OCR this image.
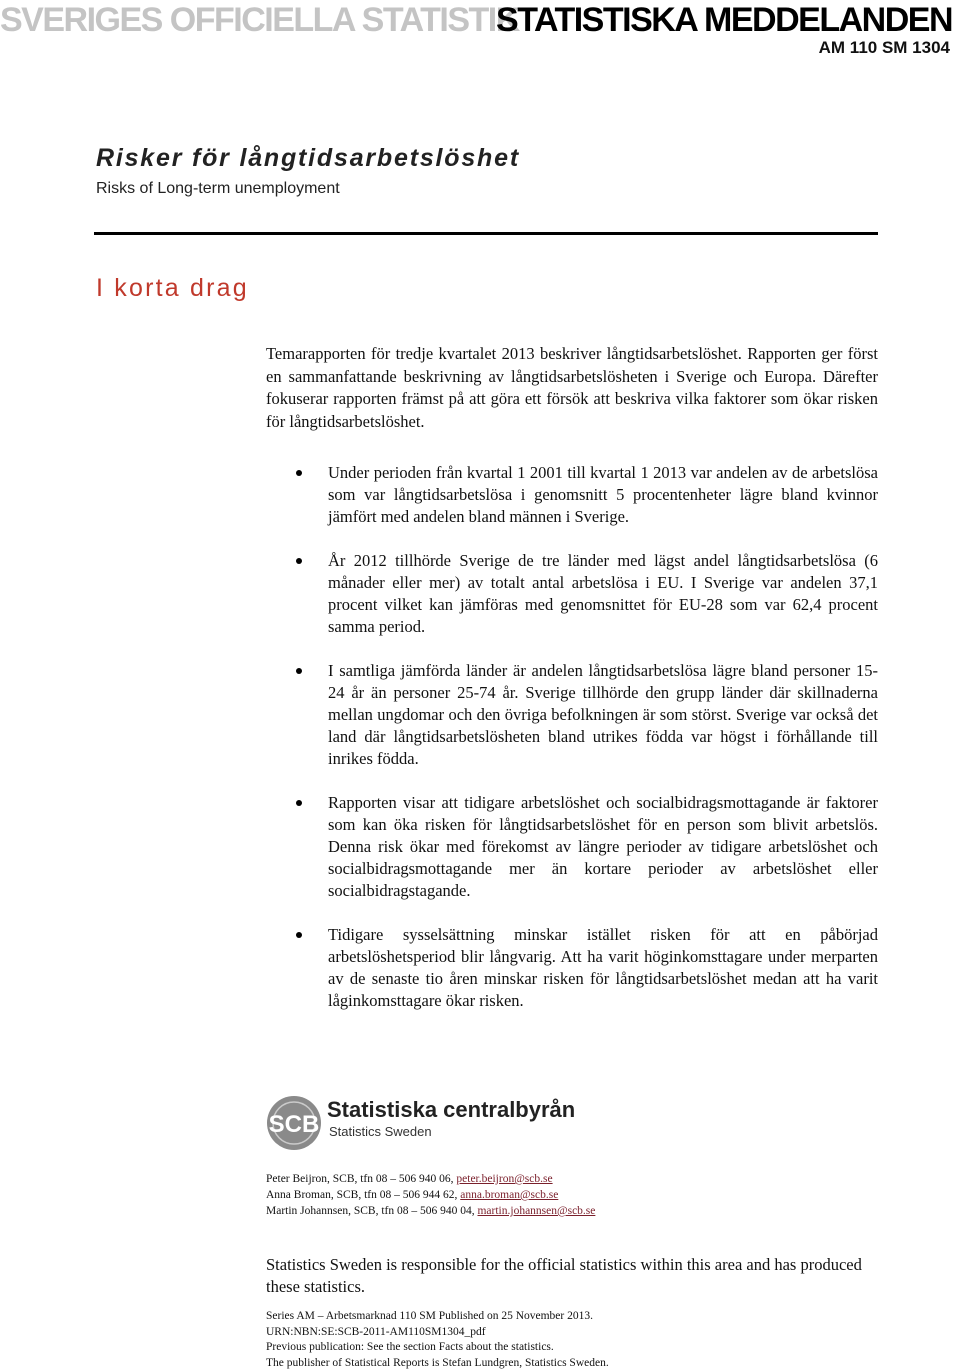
SVERIGES OFFICIELLA STATISTIK
STATISTISKA MEDDELANDEN
AM 110 SM 1304
Risker för långtidsarbetslöshet
Risks of Long-term unemployment
I korta drag

Temarapporten för tredje kvartalet 2013 beskriver långtidsarbetslöshet. Rapporten ger först en sammanfattande beskrivning av långtidsarbetslösheten i Sverige och Europa. Därefter fokuserar rapporten främst på att göra ett försök att beskriva vilka faktorer som ökar risken för långtidsarbetslöshet.

Under perioden från kvartal 1 2001 till kvartal 1 2013 var andelen av de arbetslösa som var långtidsarbetslösa i genomsnitt 5 procentenheter lägre bland kvinnor jämfört med andelen bland männen i Sverige.
År 2012 tillhörde Sverige de tre länder med lägst andel långtidsarbetslösa (6 månader eller mer) av totalt antal arbetslösa i EU. I Sverige var andelen 37,1 procent vilket kan jämföras med genomsnittet för EU-28 som var 62,4 procent samma period.
I samtliga jämförda länder är andelen långtidsarbetslösa lägre bland personer 15-24 år än personer 25-74 år. Sverige tillhörde den grupp länder där skillnaderna mellan ungdomar och den övriga befolkningen är som störst. Sverige var också det land där långtidsarbetslösheten bland utrikes födda var högst i förhållande till inrikes födda.
Rapporten visar att tidigare arbetslöshet och socialbidragsmottagande är faktorer som kan öka risken för långtidsarbetslöshet för en person som blivit arbetslös. Denna risk ökar med förekomst av längre perioder av tidigare arbetslöshet och socialbidragsmottagande mer än kortare perioder av arbetslöshet eller socialbidragstagande.
Tidigare sysselsättning minskar istället risken för att en påbörjad arbetslöshetsperiod blir långvarig. Att ha varit höginkomsttagare under merparten av de senaste tio åren minskar risken för långtidsarbetslöshet medan att ha varit låginkomsttagare ökar risken.
SCB
Statistiska centralbyrån
Statistics Sweden
Peter Beijron, SCB, tfn 08 – 506 940 06, peter.beijron@scb.se
Anna Broman, SCB, tfn 08 – 506 944 62, anna.broman@scb.se
Martin Johannsen, SCB, tfn 08 – 506 940 04, martin.johannsen@scb.se
Statistics Sweden is responsible for the official statistics within this area and has produced these statistics.
Series AM – Arbetsmarknad 110 SM Published on 25 November 2013.
URN:NBN:SE:SCB-2011-AM110SM1304_pdf
Previous publication: See the section Facts about the statistics.
The publisher of Statistical Reports is Stefan Lundgren, Statistics Sweden.
